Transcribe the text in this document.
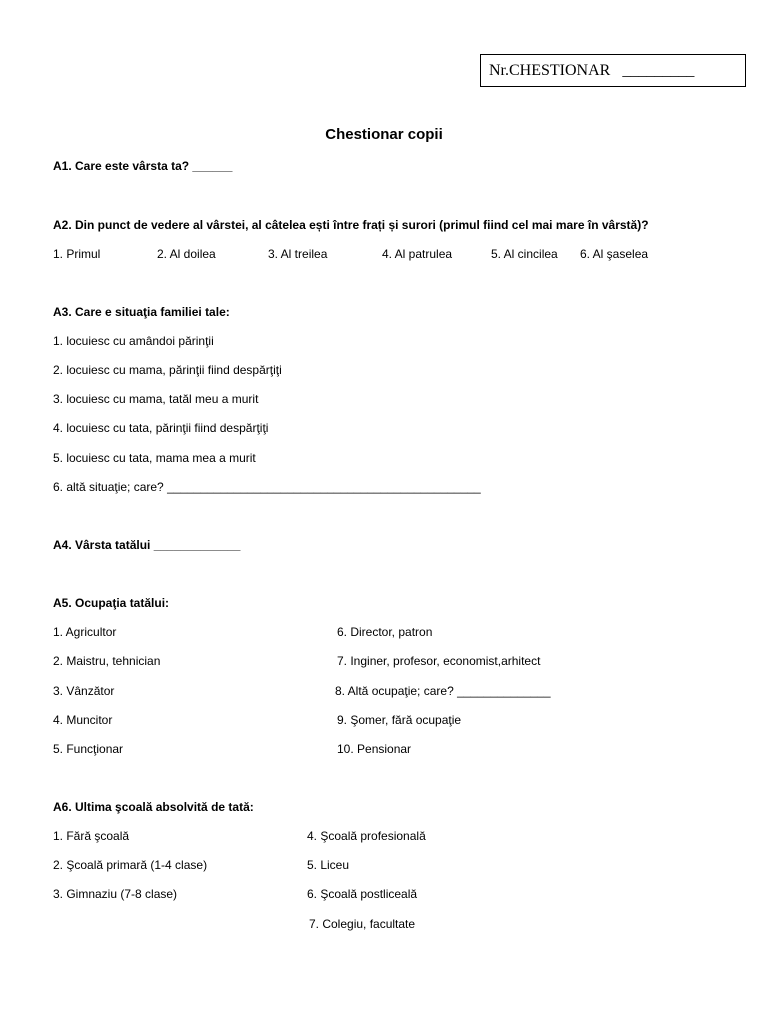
Nr.CHESTIONAR _________
Chestionar copii
A1. Care este vârsta ta? ______
A2. Din punct de vedere al vârstei, al câtelea ești între frați și surori (primul fiind cel mai mare în vârstă)?
1. Primul	2. Al doilea	3. Al treilea	4. Al patrulea	5. Al cincilea 6. Al şaselea
A3. Care e situaţia familiei tale:
1. locuiesc cu amândoi părinţii
2. locuiesc cu mama, părinţii fiind despărţiţi
3. locuiesc cu mama, tatăl meu a murit
4. locuiesc cu tata, părinţii fiind despărţiţi
5. locuiesc cu tata, mama mea a murit
6. altă situaţie; care? _______________________________________________
A4. Vârsta tatălui _____________
A5. Ocupaţia tatălui:
1. Agricultor
2. Maistru, tehnician
3. Vânzător
4. Muncitor
5. Funcţionar
6. Director, patron
7. Inginer, profesor, economist,arhitect
8. Altă ocupaţie; care? ______________
9. Şomer, fără ocupaţie
10. Pensionar
A6. Ultima şcoală absolvită de tată:
1. Fără şcoală
2. Şcoală primară (1-4 clase)
3. Gimnaziu (7-8 clase)
4. Şcoală profesională
5. Liceu
6. Şcoală postliceală
7. Colegiu, facultate
